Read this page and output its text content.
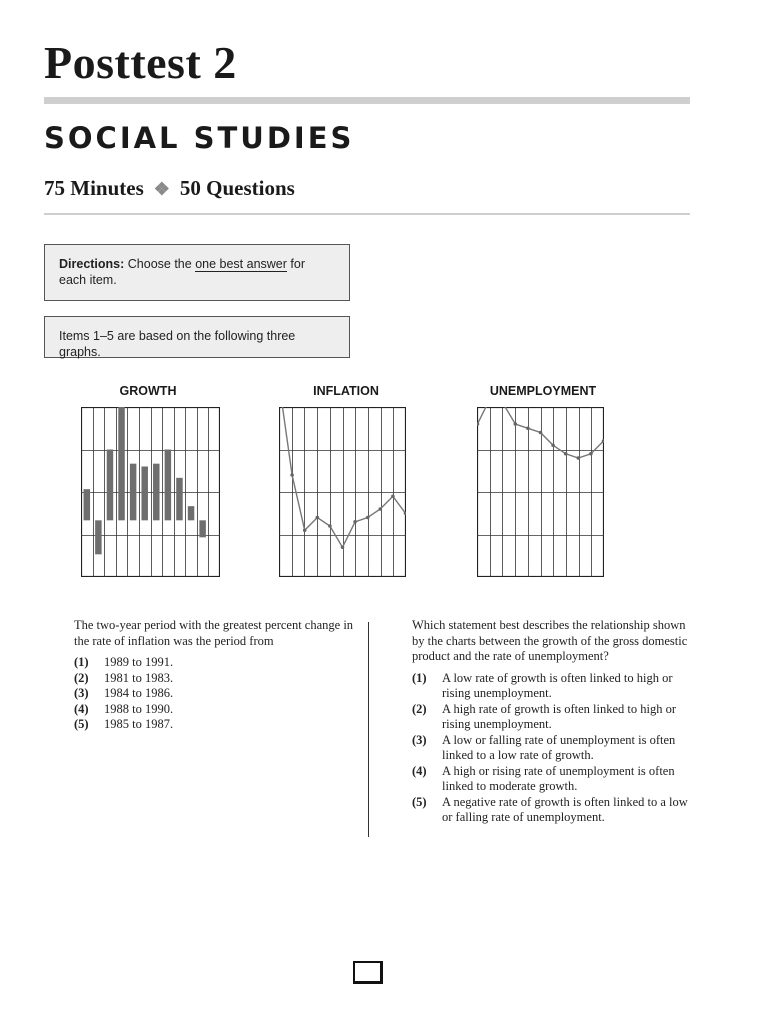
Posttest 2
SOCIAL STUDIES
75 Minutes ❖ 50 Questions
Directions: Choose the one best answer for each item.
Items 1–5 are based on the following three graphs.
GROWTH	INFLATION	UNEMPLOYMENT

The two-year period with the greatest percent change in the rate of inflation was the period from

(1)	1989 to 1991.
(2)	1981 to 1983.
(3)	1984 to 1986.
(4)	1988 to 1990.
(5)	1985 to 1987.

Which statement best describes the relationship shown by the charts between the growth of the gross domestic product and the rate of unemployment?

(1)	A low rate of growth is often linked to high or rising unemployment.
(2)	A high rate of growth is often linked to high or rising unemployment.
(3)	A low or falling rate of unemployment is often linked to a low rate of growth.
(4)	A high or rising rate of unemployment is often linked to moderate growth.
(5)	A negative rate of growth is often linked to a low or falling rate of unemployment.
